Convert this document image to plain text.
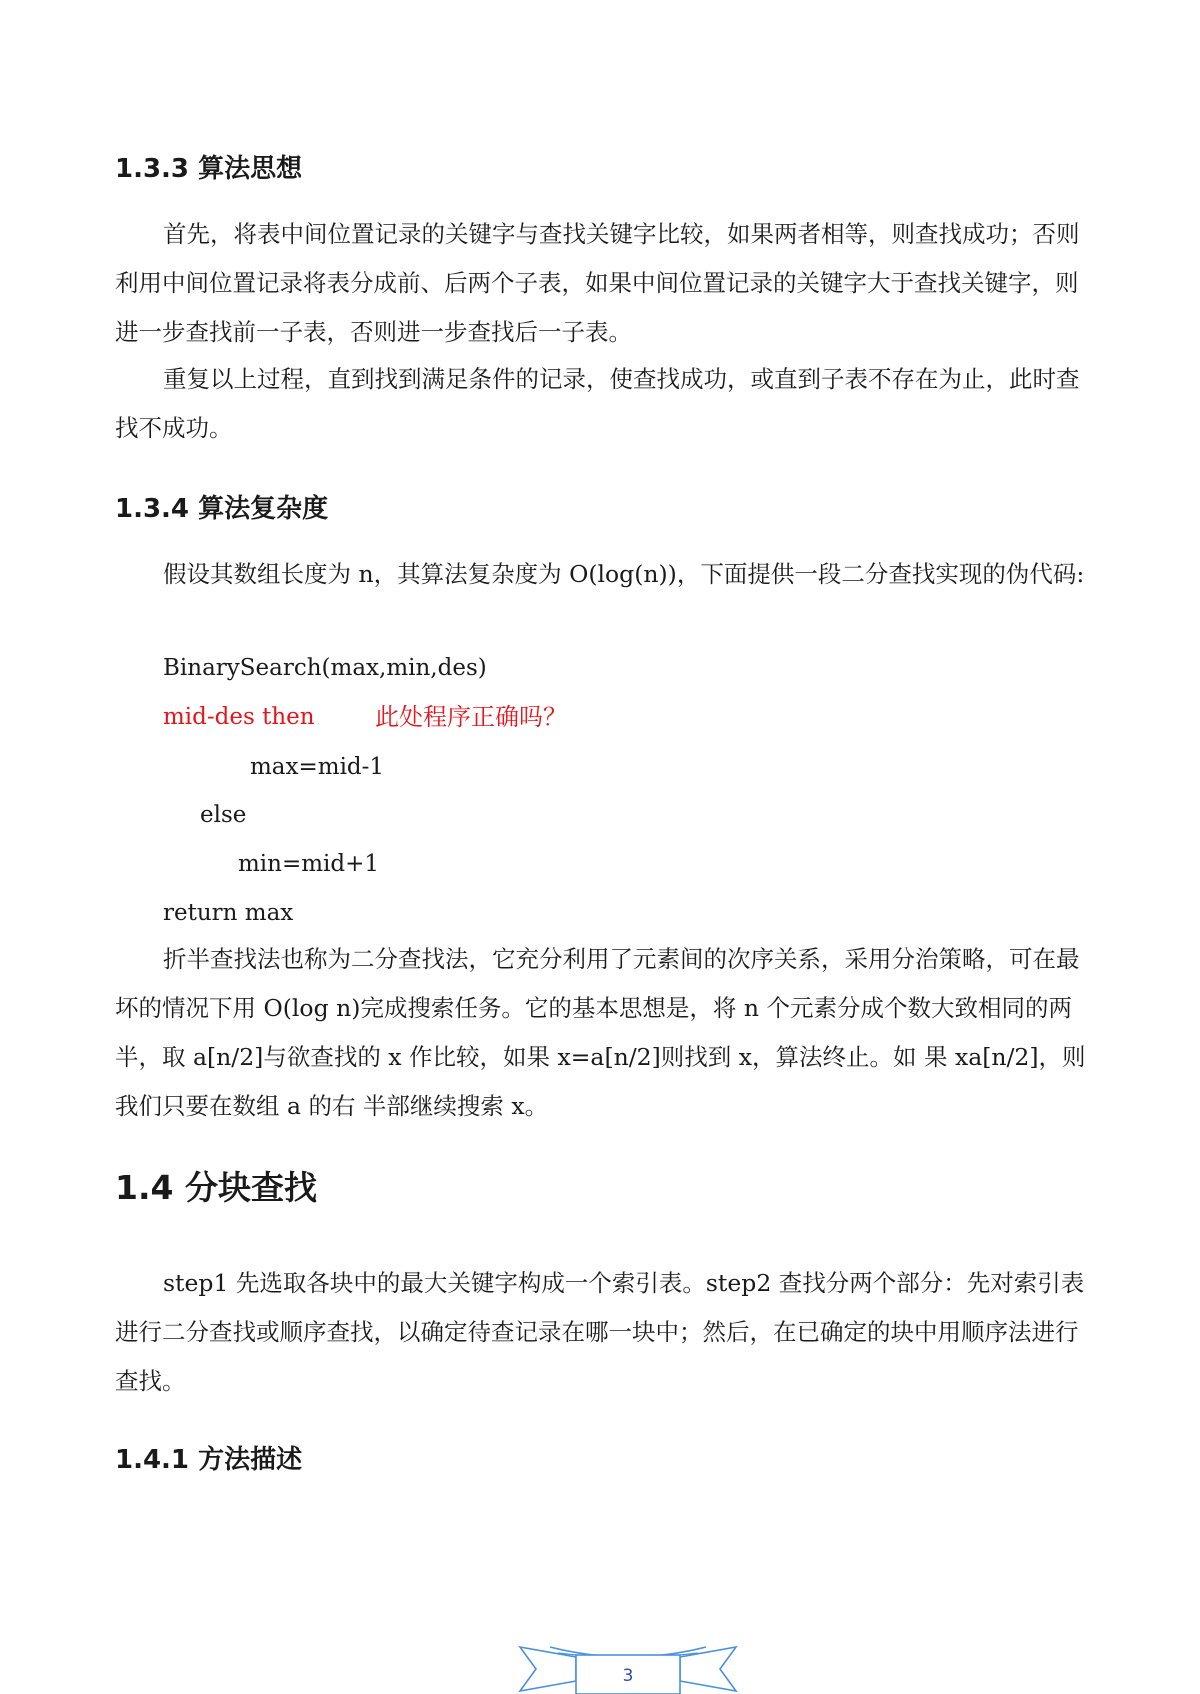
1.3.3 算法思想

首先，将表中间位置记录的关键字与查找关键字比较，如果两者相等，则查找成功；否则利用中间位置记录将表分成前、后两个子表，如果中间位置记录的关键字大于查找关键字，则进一步查找前一子表，否则进一步查找后一子表。

重复以上过程，直到找到满足条件的记录，使查找成功，或直到子表不存在为止，此时查找不成功。

1.3.4 算法复杂度

假设其数组长度为 n，其算法复杂度为 O(log(n))，下面提供一段二分查找实现的伪代码:

BinarySearch(max,min,des)
mid-des then	此处程序正确吗？
max=mid-1
else
min=mid+1
return max

折半查找法也称为二分查找法，它充分利用了元素间的次序关系，采用分治策略，可在最坏的情况下用 O(log n)完成搜索任务。它的基本思想是，将 n 个元素分成个数大致相同的两半，取 a[n/2]与欲查找的 x 作比较，如果 x=a[n/2]则找到 x，算法终止。如 果 xa[n/2]，则我们只要在数组 a 的右 半部继续搜索 x。

1.4 分块查找

step1 先选取各块中的最大关键字构成一个索引表。step2 查找分两个部分：先对索引表进行二分查找或顺序查找，以确定待查记录在哪一块中；然后，在已确定的块中用顺序法进行查找。

1.4.1 方法描述
3
